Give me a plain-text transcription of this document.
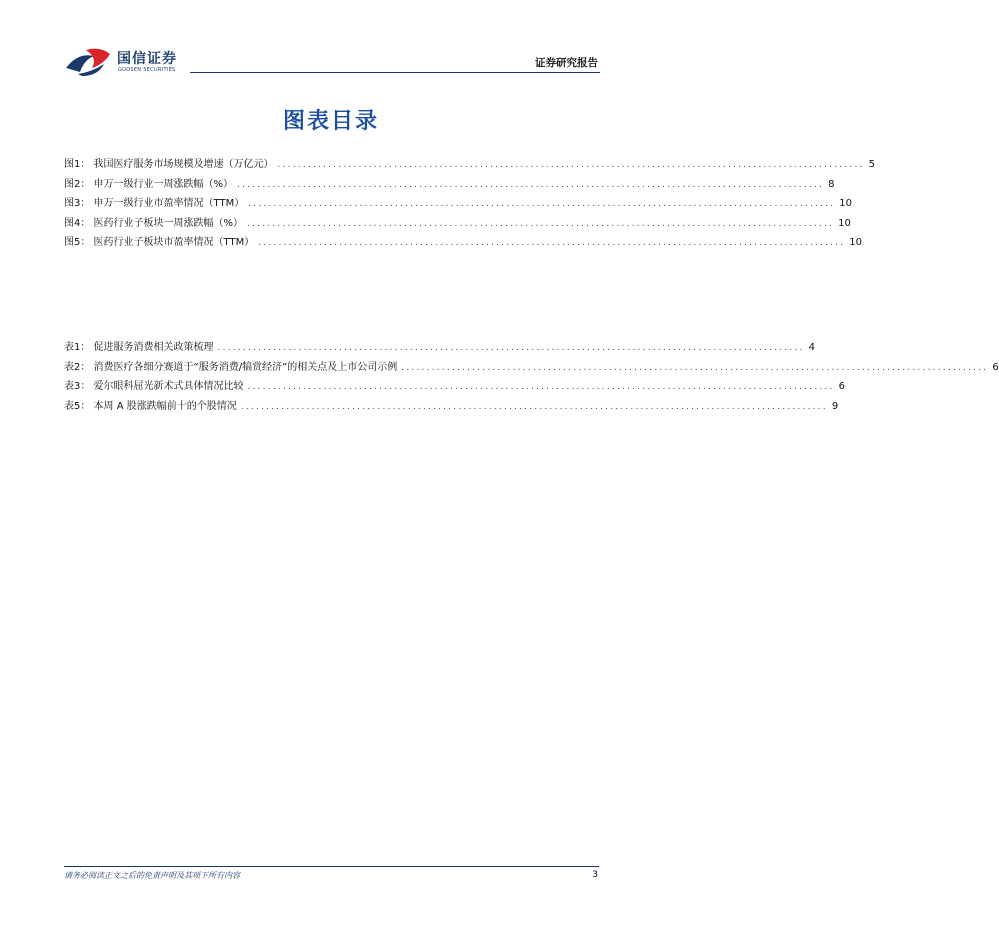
国信证券
GUOSEN SECURITIES
证券研究报告
图表目录
图1： 我国医疗服务市场规模及增速（万亿元） .................................................................................................................... 5
图2： 申万一级行业一周涨跌幅（%） .................................................................................................................... 8
图3： 申万一级行业市盈率情况（TTM） .................................................................................................................... 10
图4： 医药行业子板块一周涨跌幅（%） .................................................................................................................... 10
图5： 医药行业子板块市盈率情况（TTM） .................................................................................................................... 10
表1： 促进服务消费相关政策梳理 .................................................................................................................... 4
表2： 消费医疗各细分赛道于“服务消费/犒赏经济”的相关点及上市公司示例 .................................................................................................................... 6
表3： 爱尔眼科屈光新术式具体情况比较 .................................................................................................................... 6
表5： 本周 A 股涨跌幅前十的个股情况 .................................................................................................................... 9
请务必阅读正文之后的免责声明及其项下所有内容	3
